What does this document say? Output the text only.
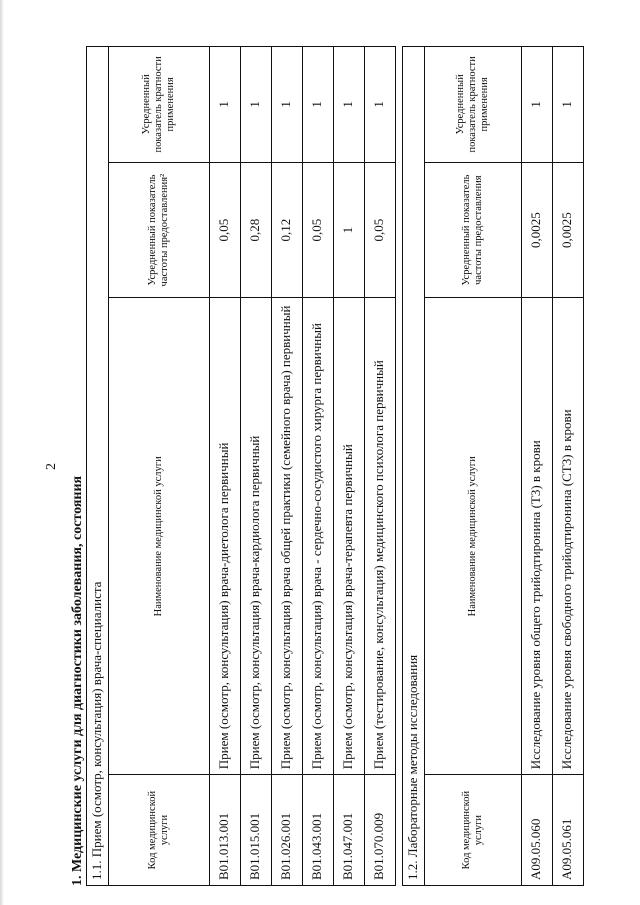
2
1. Медицинские услуги для диагностики заболевания, состояния 1.1. Прием (осмотр, консультация) врача-специалиста			
Код медицинской услуги	Наименование медицинской услуги	Усредненный показатель частоты предоставления²	Усредненный показатель кратности применения
B01.013.001	Прием (осмотр, консультация) врача-диетолога первичный	0,05	1
B01.015.001	Прием (осмотр, консультация) врача-кардиолога первичный	0,28	1
B01.026.001	Прием (осмотр, консультация) врача общей практики (семейного врача) первичный	0,12	1
B01.043.001	Прием (осмотр, консультация) врача - сердечно-сосудистого хирурга первичный	0,05	1
B01.047.001	Прием (осмотр, консультация) врача-терапевта первичный	1	1
B01.070.009	Прием (тестирование, консультация) медицинского психолога первичный	0,05	1
1.2. Лабораторные методы исследования			
Код медицинской услуги	Наименование медицинской услуги	Усредненный показатель частоты предоставления	Усредненный показатель кратности применения
A09.05.060	Исследование уровня общего трийодтиронина (Т3) в крови	0,0025	1
A09.05.061	Исследование уровня свободного трийодтиронина (СТ3) в крови	0,0025	1
